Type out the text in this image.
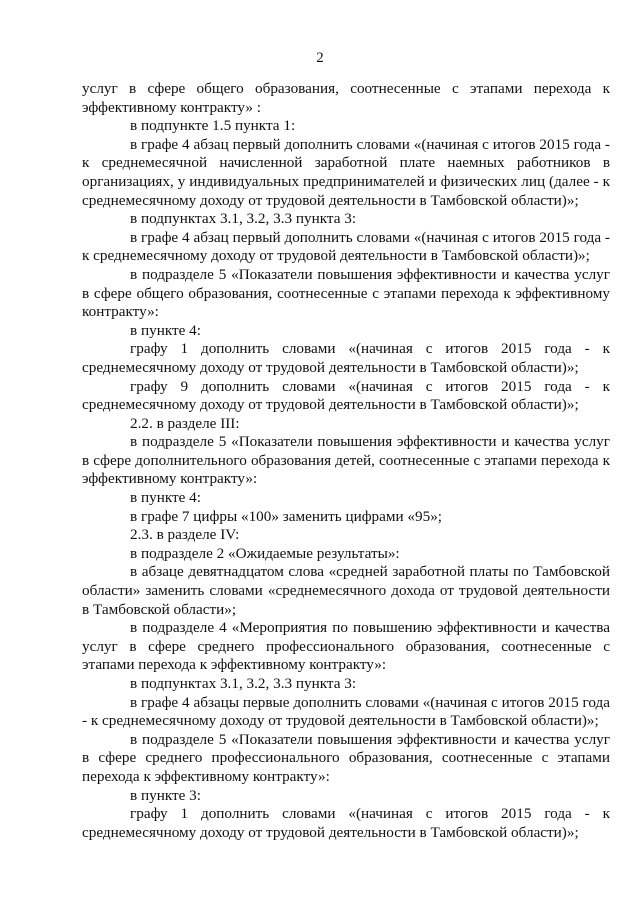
2

услуг в сфере общего образования, соотнесенные с этапами перехода к эффективному контракту» :

в подпункте 1.5 пункта 1:

в графе 4 абзац первый дополнить словами «(начиная с итогов 2015 года - к среднемесячной начисленной заработной плате наемных работников в организациях, у индивидуальных предпринимателей и физических лиц (далее - к среднемесячному доходу от трудовой деятельности в Тамбовской области)»;

в подпунктах 3.1, 3.2, 3.3 пункта 3:

в графе 4 абзац первый дополнить словами «(начиная с итогов 2015 года - к среднемесячному доходу от трудовой деятельности в Тамбовской области)»;

в подразделе 5 «Показатели повышения эффективности и качества услуг в сфере общего образования, соотнесенные с этапами перехода к эффективному контракту»:

в пункте 4:

графу 1 дополнить словами «(начиная с итогов 2015 года - к среднемесячному доходу от трудовой деятельности в Тамбовской области)»;

графу 9 дополнить словами «(начиная с итогов 2015 года - к среднемесячному доходу от трудовой деятельности в Тамбовской области)»;

2.2. в разделе III:

в подразделе 5 «Показатели повышения эффективности и качества услуг в сфере дополнительного образования детей, соотнесенные с этапами перехода к эффективному контракту»:

в пункте 4:

в графе 7 цифры «100» заменить цифрами «95»;

2.3. в разделе IV:

в подразделе 2 «Ожидаемые результаты»:

в абзаце девятнадцатом слова «средней заработной платы по Тамбовской области» заменить словами «среднемесячного дохода от трудовой деятельности в Тамбовской области»;

в подразделе 4 «Мероприятия по повышению эффективности и качества услуг в сфере среднего профессионального образования, соотнесенные с этапами перехода к эффективному контракту»:

в подпунктах 3.1, 3.2, 3.3 пункта 3:

в графе 4 абзацы первые дополнить словами «(начиная с итогов 2015 года - к среднемесячному доходу от трудовой деятельности в Тамбовской области)»;

в подразделе 5 «Показатели повышения эффективности и качества услуг в сфере среднего профессионального образования, соотнесенные с этапами перехода к эффективному контракту»:

в пункте 3:

графу 1 дополнить словами «(начиная с итогов 2015 года - к среднемесячному доходу от трудовой деятельности в Тамбовской области)»;
